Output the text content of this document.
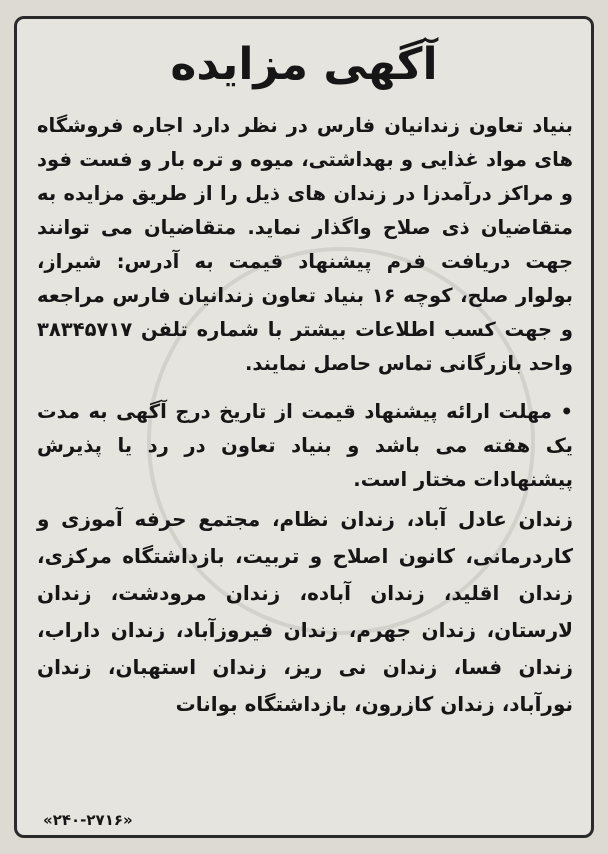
آگهی مزایده

بنیاد تعاون زندانیان فارس در نظر دارد اجاره فروشگاه های مواد غذایی و بهداشتی، میوه و تره بار و فست فود و مراکز درآمدزا در زندان های ذیل را از طریق مزایده به متقاضیان ذی صلاح واگذار نماید. متقاضیان می توانند جهت دریافت فرم پیشنهاد قیمت به آدرس: شیراز، بولوار صلح، کوچه ۱۶ بنیاد تعاون زندانیان فارس مراجعه و جهت کسب اطلاعات بیشتر با شماره تلفن ۳۸۳۴۵۷۱۷ واحد بازرگانی تماس حاصل نمایند.

• مهلت ارائه پیشنهاد قیمت از تاریخ درج آگهی به مدت یک هفته می باشد و بنیاد تعاون در رد یا پذیرش پیشنهادات مختار است.

زندان عادل آباد، زندان نظام، مجتمع حرفه آموزی و کاردرمانی، کانون اصلاح و تربیت، بازداشتگاه مرکزی، زندان اقلید، زندان آباده، زندان مرودشت، زندان لارستان، زندان جهرم، زندان فیروزآباد، زندان داراب، زندان فسا، زندان نی ریز، زندان استهبان، زندان نورآباد، زندان کازرون، بازداشتگاه بوانات

«۲۴۰-۲۷۱۶»
